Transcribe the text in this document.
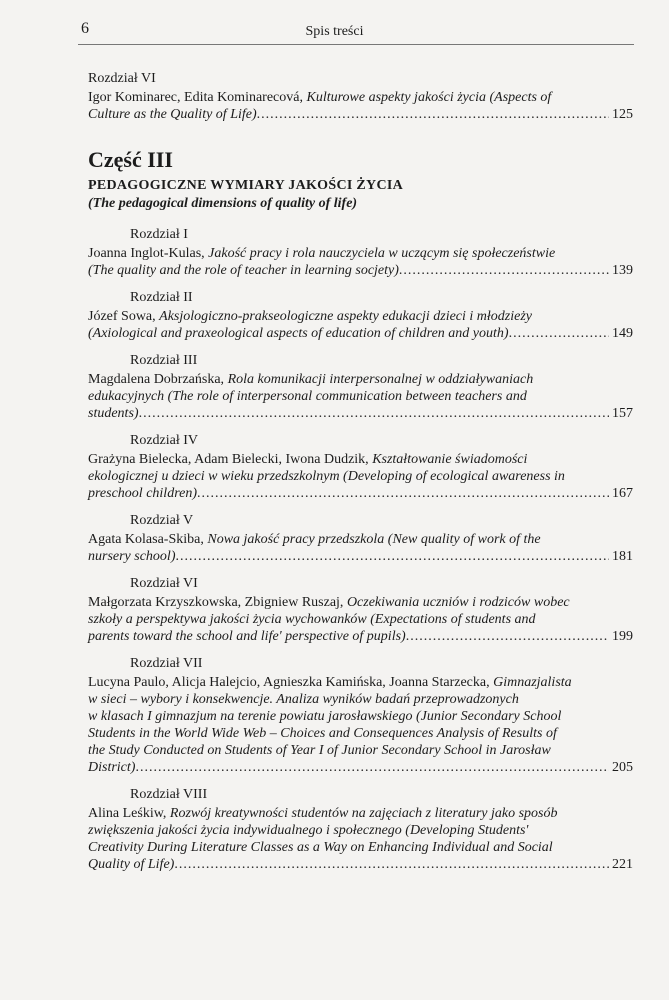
6	Spis treści
Rozdział VI
Igor Kominarec, Edita Kominarecová, Kulturowe aspekty jakości życia (Aspects of
Culture as the Quality of Life) .....	125
Część III
PEDAGOGICZNE WYMIARY JAKOŚCI ŻYCIA
(The pedagogical dimensions of quality of life)
Rozdział I
Joanna Inglot-Kulas, Jakość pracy i rola nauczyciela w uczącym się społeczeństwie
(The quality and the role of teacher in learning socjety) .....	139
Rozdział II
Józef Sowa, Aksjologiczno-prakseologiczne aspekty edukacji dzieci i młodzieży
(Axiological and praxeological aspects of education of children and youth) .....	149
Rozdział III
Magdalena Dobrzańska, Rola komunikacji interpersonalnej w oddziaływaniach
edukacyjnych (The role of interpersonal communication between teachers and
students) .....	157
Rozdział IV
Grażyna Bielecka, Adam Bielecki, Iwona Dudzik, Kształtowanie świadomości
ekologicznej u dzieci w wieku przedszkolnym (Developing of ecological awareness in
preschool children) .....	167
Rozdział V
Agata Kolasa-Skiba, Nowa jakość pracy przedszkola (New quality of work of the
nursery school) .....	181
Rozdział VI
Małgorzata Krzyszkowska, Zbigniew Ruszaj, Oczekiwania uczniów i rodziców wobec
szkoły a perspektywa jakości życia wychowanków (Expectations of students and
parents toward the school and life' perspective of pupils) .....	199
Rozdział VII
Lucyna Paulo, Alicja Halejcio, Agnieszka Kamińska, Joanna Starzecka, Gimnazjalista
w sieci – wybory i konsekwencje. Analiza wyników badań przeprowadzonych
w klasach I gimnazjum na terenie powiatu jarosławskiego (Junior Secondary School
Students in the World Wide Web – Choices and Consequences Analysis of Results of
the Study Conducted on Students of Year I of Junior Secondary School in Jarosław
District) .....	205
Rozdział VIII
Alina Leśkiw, Rozwój kreatywności studentów na zajęciach z literatury jako sposób
zwiększenia jakości życia indywidualnego i społecznego (Developing Students'
Creativity During Literature Classes as a Way on Enhancing Individual and Social
Quality of Life) .....	221
